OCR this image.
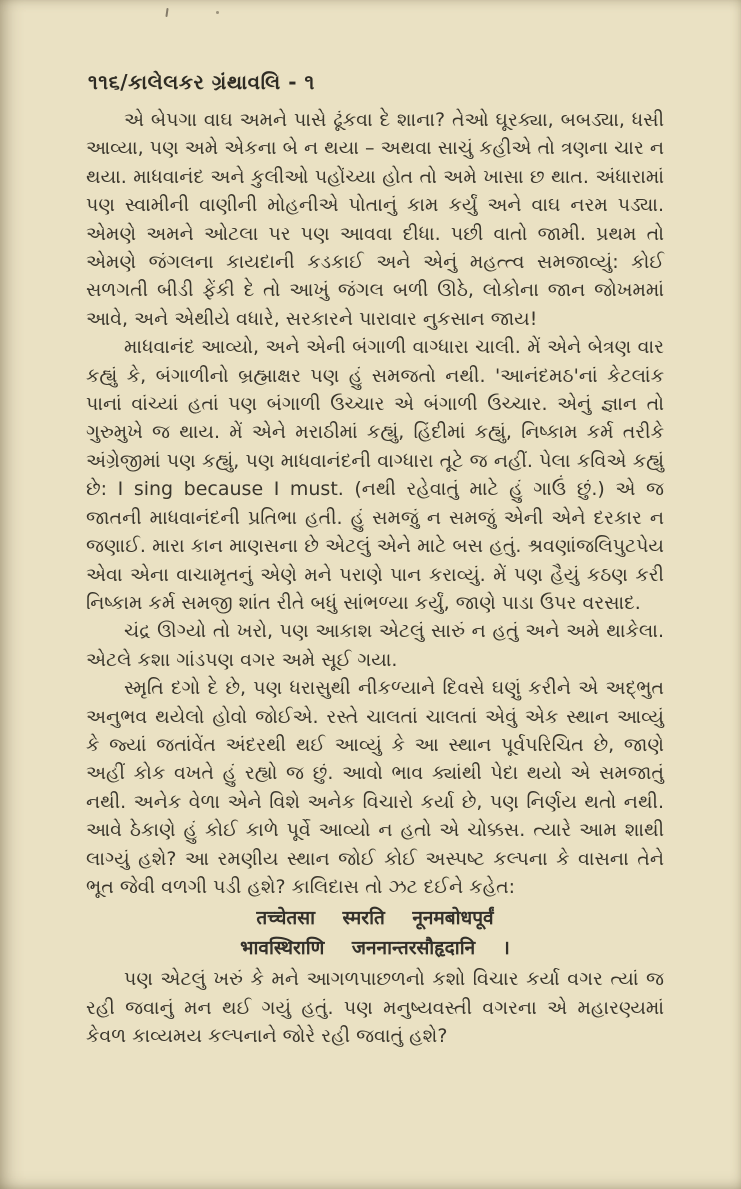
૧૧૬/કાલેલકર ગ્રંથાવલિ - ૧

એ બેપગા વાઘ અમને પાસે ઢૂંકવા દે શાના? તેઓ ઘૂરક્યા, બબડ્યા, ધસી આવ્યા, પણ અમે એકના બે ન થયા – અથવા સાચું કહીએ તો ત્રણના ચાર ન થયા. માધવાનંદ અને કુલીઓ પહોંચ્યા હોત તો અમે ખાસા છ થાત. અંધારામાં પણ સ્વામીની વાણીની મોહનીએ પોતાનું કામ કર્યું અને વાઘ નરમ પડ્યા. એમણે અમને ઓટલા પર પણ આવવા દીધા. પછી વાતો જામી. પ્રથમ તો એમણે જંગલના કાયદાની કડકાઈ અને એનું મહત્ત્વ સમજાવ્યું: કોઈ સળગતી બીડી ફેંકી દે તો આખું જંગલ બળી ઊઠે, લોકોના જાન જોખમમાં આવે, અને એથીયે વધારે, સરકારને પારાવાર નુકસાન જાય!

માધવાનંદ આવ્યો, અને એની બંગાળી વાગ્ધારા ચાલી. મેં એને બેત્રણ વાર કહ્યું કે, બંગાળીનો બ્રહ્માક્ષર પણ હું સમજતો નથી. 'આનંદમઠ'નાં કેટલાંક પાનાં વાંચ્યાં હતાં પણ બંગાળી ઉચ્ચાર એ બંગાળી ઉચ્ચાર. એનું જ્ઞાન તો ગુરુમુખે જ થાય. મેં એને મરાઠીમાં કહ્યું, હિંદીમાં કહ્યું, નિષ્કામ કર્મ તરીકે અંગ્રેજીમાં પણ કહ્યું, પણ માધવાનંદની વાગ્ધારા તૂટે જ નહીં. પેલા કવિએ કહ્યું છે: I sing because I must. (નથી રહેવાતું માટે હું ગાઉં છું.) એ જ જાતની માધવાનંદની પ્રતિભા હતી. હું સમજું ન સમજું એની એને દરકાર ન જણાઈ. મારા કાન માણસના છે એટલું એને માટે બસ હતું. શ્રવણાંજલિપુટપેય એવા એના વાચામૃતનું એણે મને પરાણે પાન કરાવ્યું. મેં પણ હૈયું કઠણ કરી નિષ્કામ કર્મ સમજી શાંત રીતે બધું સાંભળ્યા કર્યું, જાણે પાડા ઉપર વરસાદ.

ચંદ્ર ઊગ્યો તો ખરો, પણ આકાશ એટલું સારું ન હતું અને અમે થાકેલા. એટલે કશા ગાંડપણ વગર અમે સૂઈ ગયા.

સ્મૃતિ દગો દે છે, પણ ધરાસુથી નીકળ્યાને દિવસે ઘણું કરીને એ અદ્ભુત અનુભવ થયેલો હોવો જોઈએ. રસ્તે ચાલતાં ચાલતાં એવું એક સ્થાન આવ્યું કે જ્યાં જતાંવેંત અંદરથી થઈ આવ્યું કે આ સ્થાન પૂર્વપરિચિત છે, જાણે અહીં કોક વખતે હું રહ્યો જ છું. આવો ભાવ ક્યાંથી પેદા થયો એ સમજાતું નથી. અનેક વેળા એને વિશે અનેક વિચારો કર્યા છે, પણ નિર્ણય થતો નથી. આવે ઠેકાણે હું કોઈ કાળે પૂર્વે આવ્યો ન હતો એ ચોક્કસ. ત્યારે આમ શાથી લાગ્યું હશે? આ રમણીય સ્થાન જોઈ કોઈ અસ્પષ્ટ કલ્પના કે વાસના તેને ભૂત જેવી વળગી પડી હશે? કાલિદાસ તો ઝટ દઈને કહેત:

तच्चेतसा स्मरति नूनमबोधपूर्वं
भावस्थिराणि जननान्तरसौहृदानि ।

પણ એટલું ખરું કે મને આગળપાછળનો કશો વિચાર કર્યા વગર ત્યાં જ રહી જવાનું મન થઈ ગયું હતું. પણ મનુષ્યવસ્તી વગરના એ મહારણ્યમાં કેવળ કાવ્યમય કલ્પનાને જોરે રહી જવાતું હશે?
